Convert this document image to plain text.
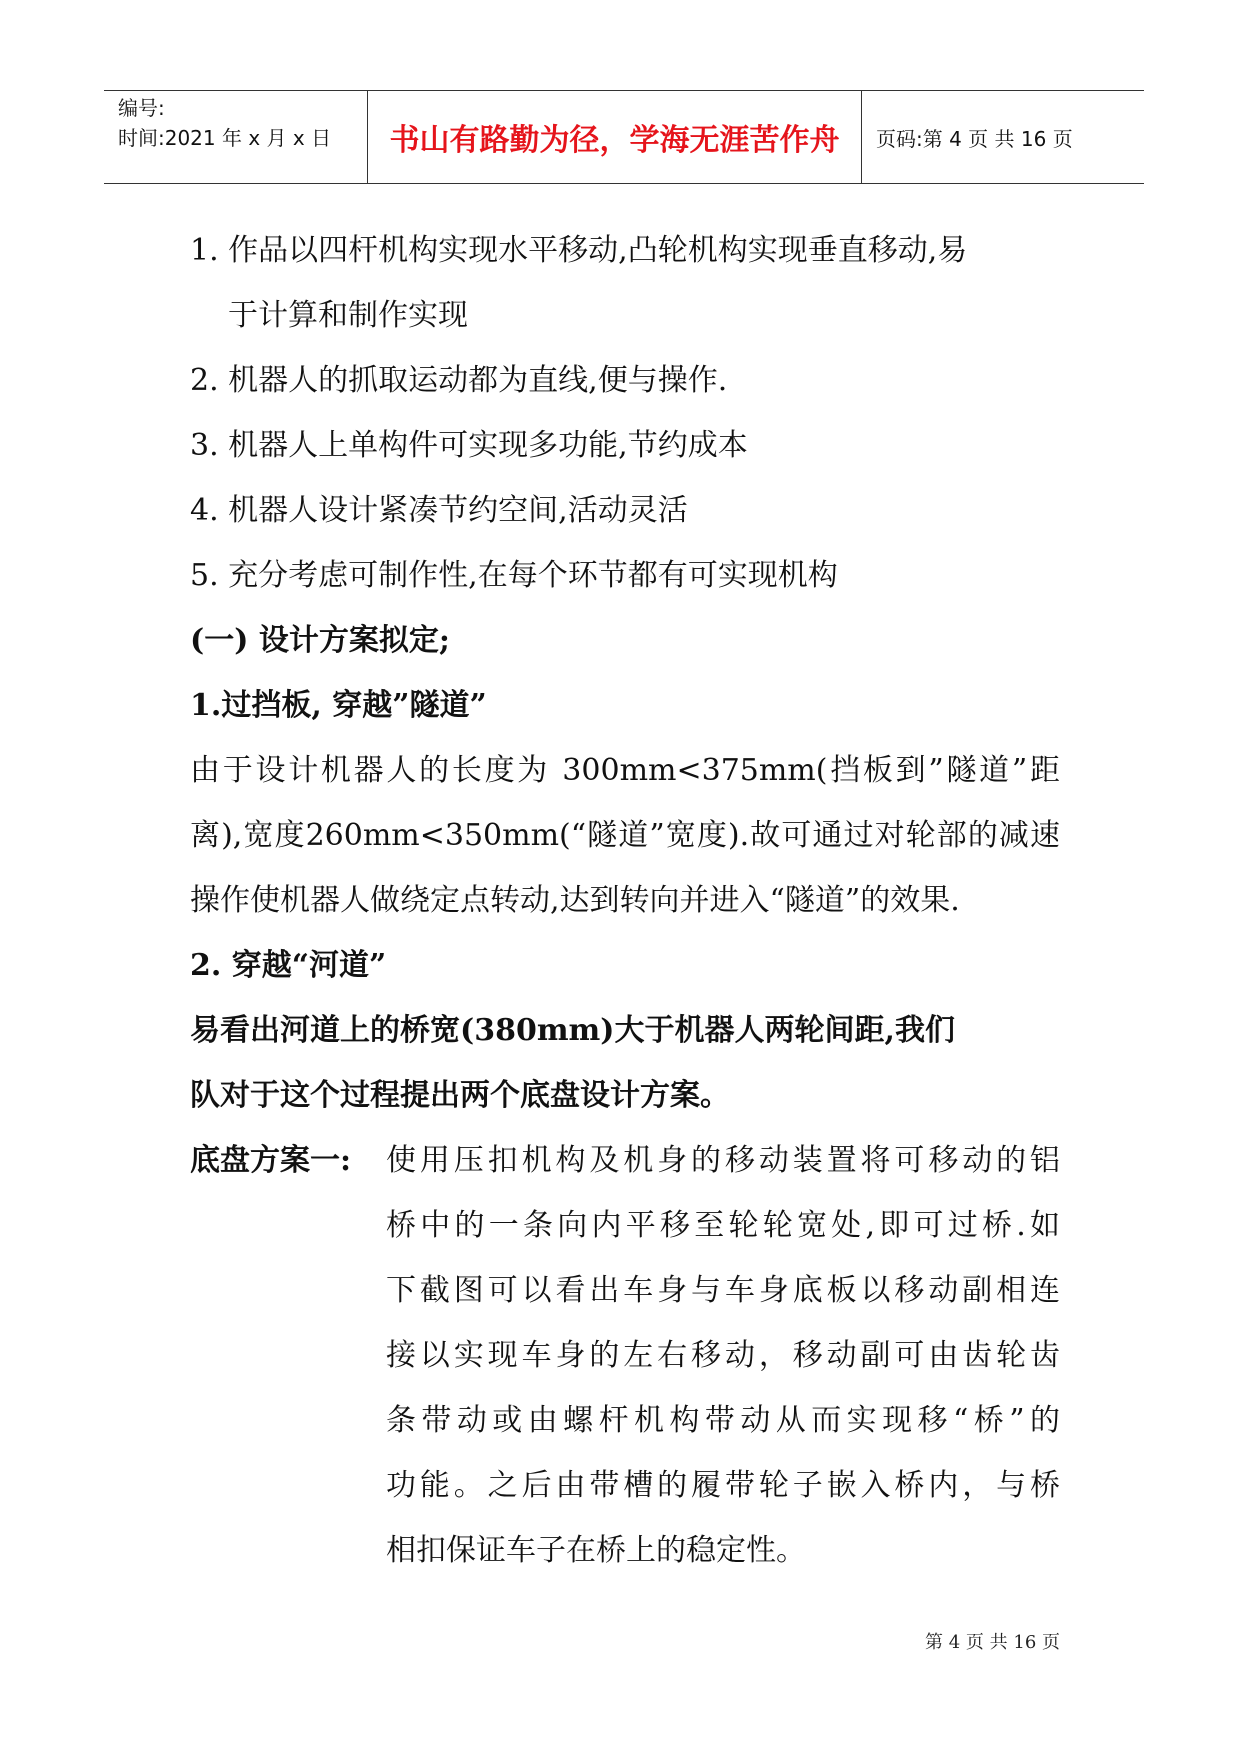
编号:
时间:2021 年 x 月 x 日	书山有路勤为径，学海无涯苦作舟 页码:第 4 页 共 16 页
1. 作品以四杆机构实现水平移动,凸轮机构实现垂直移动,易
于计算和制作实现
2. 机器人的抓取运动都为直线,便与操作.
3. 机器人上单构件可实现多功能,节约成本
4. 机器人设计紧凑节约空间,活动灵活
5. 充分考虑可制作性,在每个环节都有可实现机构
(一) 设计方案拟定;
1.过挡板, 穿越”隧道”
由于设计机器人的长度为 300mm<375mm(挡板到”隧道”距
离),宽度260mm<350mm(“隧道”宽度).故可通过对轮部的减速
操作使机器人做绕定点转动,达到转向并进入“隧道”的效果.
2. 穿越“河道”
易看出河道上的桥宽(380mm)大于机器人两轮间距,我们
队对于这个过程提出两个底盘设计方案。
底盘方案一:	使用压扣机构及机身的移动装置将可移动的铝
桥中的一条向内平移至轮轮宽处,即可过桥.如
下截图可以看出车身与车身底板以移动副相连
接以实现车身的左右移动，移动副可由齿轮齿
条带动或由螺杆机构带动从而实现移“桥”的
功能。之后由带槽的履带轮子嵌入桥内，与桥
相扣保证车子在桥上的稳定性。
第 4 页 共 16 页
